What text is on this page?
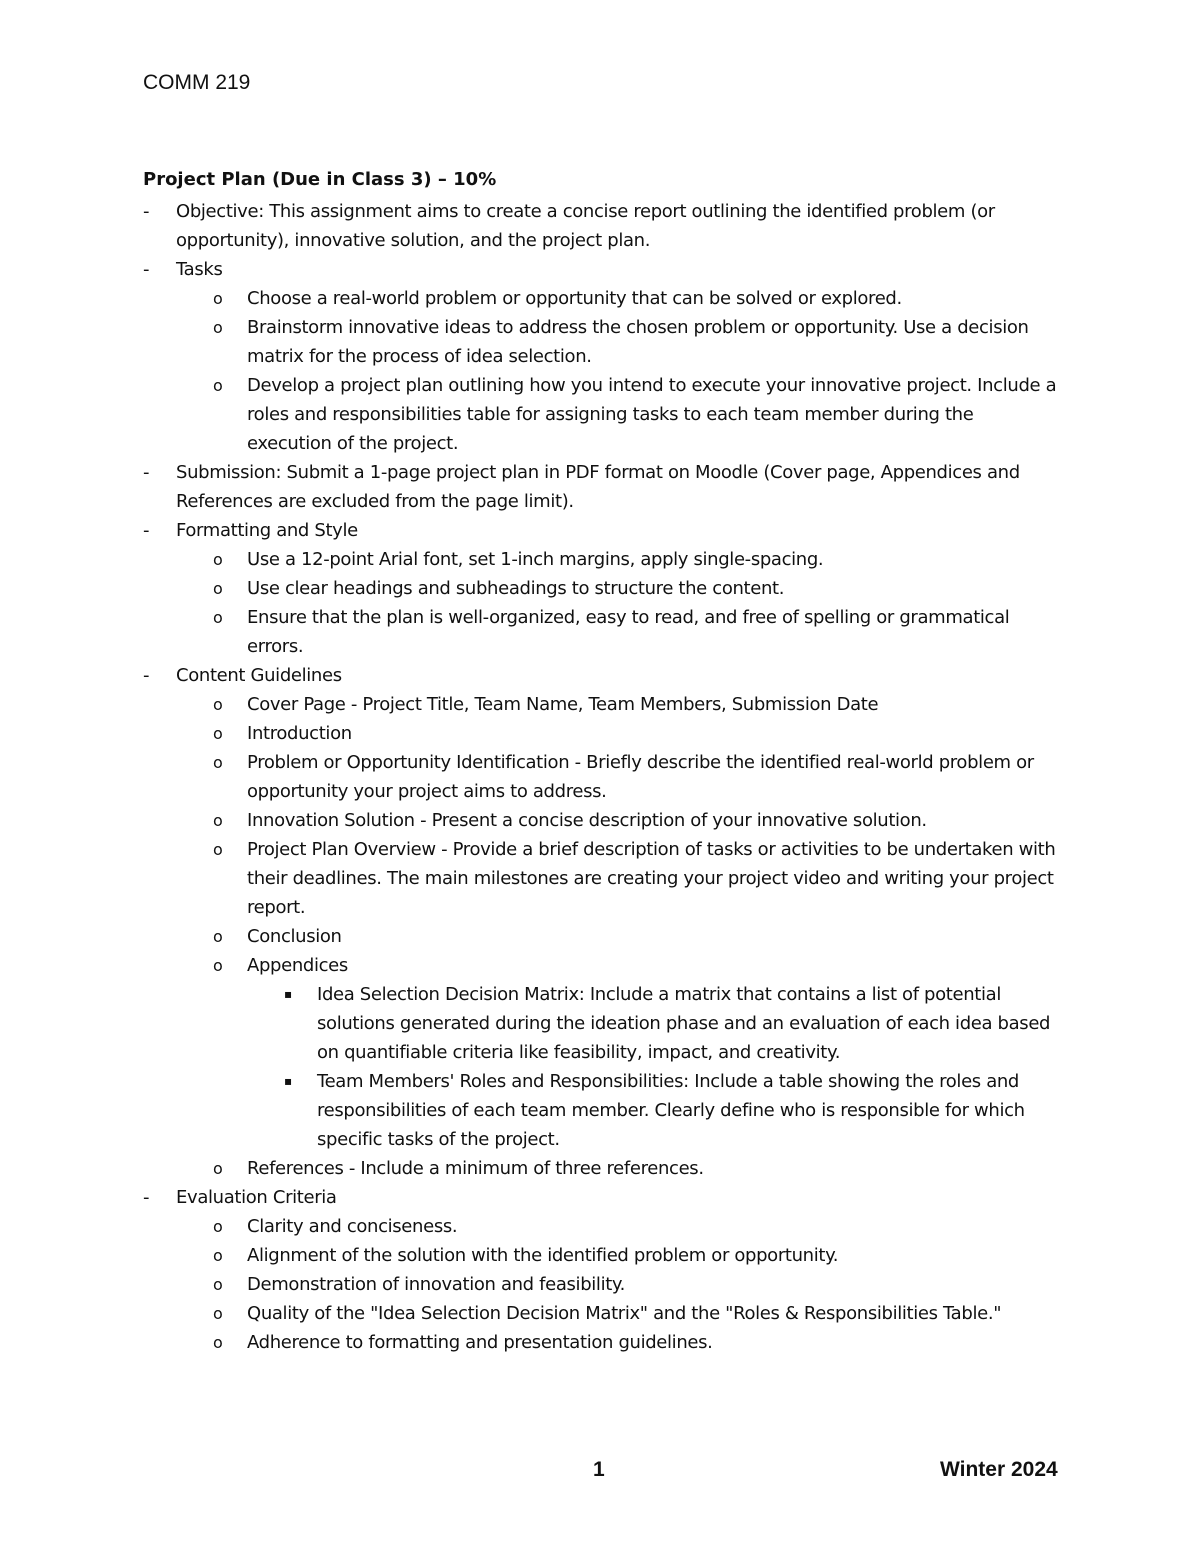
COMM 219
Project Plan (Due in Class 3) – 10%
- Objective: This assignment aims to create a concise report outlining the identified problem (or opportunity), innovative solution, and the project plan.
- Tasks
o Choose a real-world problem or opportunity that can be solved or explored.
o Brainstorm innovative ideas to address the chosen problem or opportunity. Use a decision matrix for the process of idea selection.
o Develop a project plan outlining how you intend to execute your innovative project. Include a roles and responsibilities table for assigning tasks to each team member during the execution of the project.
- Submission: Submit a 1-page project plan in PDF format on Moodle (Cover page, Appendices and References are excluded from the page limit).
- Formatting and Style
o Use a 12-point Arial font, set 1-inch margins, apply single-spacing.
o Use clear headings and subheadings to structure the content.
o Ensure that the plan is well-organized, easy to read, and free of spelling or grammatical errors.
- Content Guidelines
o Cover Page - Project Title, Team Name, Team Members, Submission Date
o Introduction
o Problem or Opportunity Identification - Briefly describe the identified real-world problem or opportunity your project aims to address.
o Innovation Solution - Present a concise description of your innovative solution.
o Project Plan Overview - Provide a brief description of tasks or activities to be undertaken with their deadlines. The main milestones are creating your project video and writing your project report.
o Conclusion
o Appendices
▪ Idea Selection Decision Matrix: Include a matrix that contains a list of potential solutions generated during the ideation phase and an evaluation of each idea based on quantifiable criteria like feasibility, impact, and creativity.
▪ Team Members' Roles and Responsibilities: Include a table showing the roles and responsibilities of each team member. Clearly define who is responsible for which specific tasks of the project.
o References - Include a minimum of three references.
- Evaluation Criteria
o Clarity and conciseness.
o Alignment of the solution with the identified problem or opportunity.
o Demonstration of innovation and feasibility.
o Quality of the "Idea Selection Decision Matrix" and the "Roles & Responsibilities Table."
o Adherence to formatting and presentation guidelines.
1	Winter 2024
